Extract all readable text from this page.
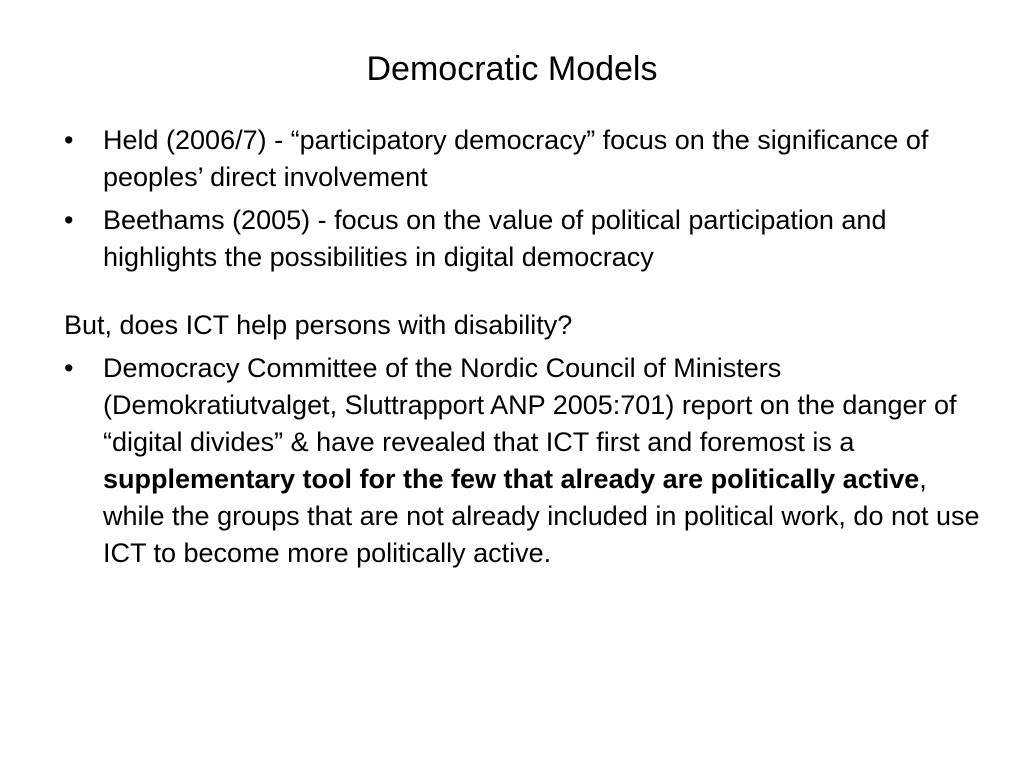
Democratic Models
•	Held (2006/7) - “participatory democracy” focus on the significance of peoples’ direct involvement
•	Beethams (2005) - focus on the value of political participation and highlights the possibilities in digital democracy
But, does ICT help persons with disability?
•	Democracy Committee of the Nordic Council of Ministers (Demokratiutvalget, Sluttrapport ANP 2005:701) report on the danger of “digital divides” & have revealed that ICT first and foremost is a supplementary tool for the few that already are politically active, while the groups that are not already included in political work, do not use ICT to become more politically active.
